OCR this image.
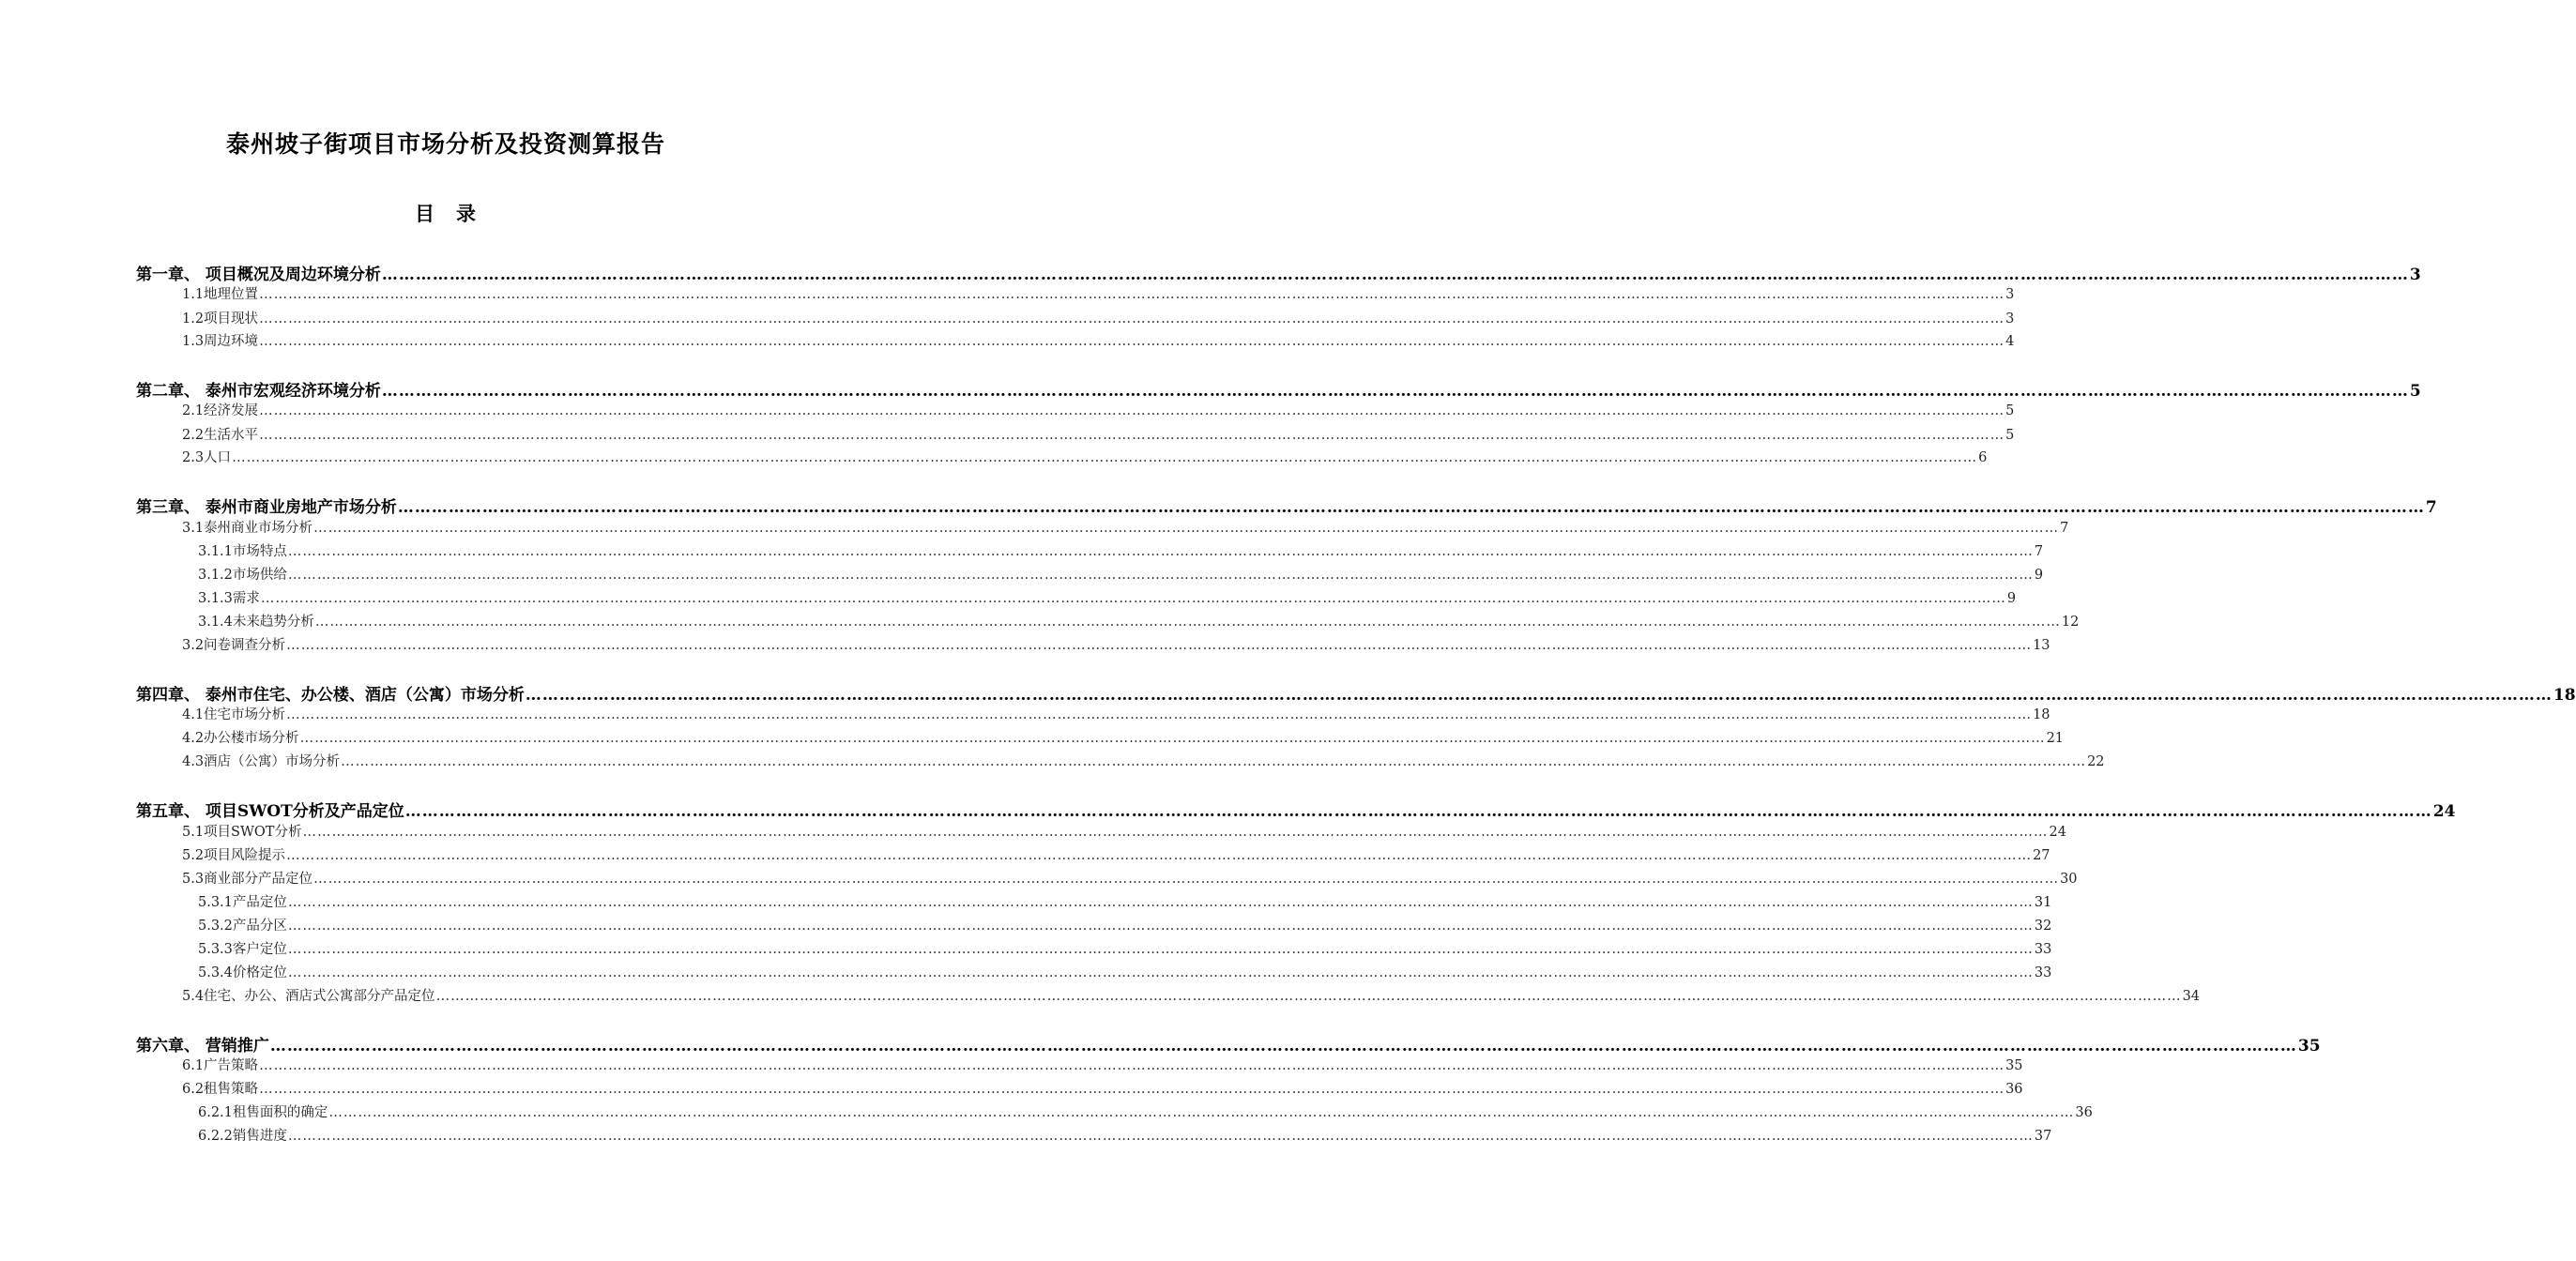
泰州坡子街项目市场分析及投资测算报告
目 录
第一章、 项目概况及周边环境分析 ……………………………………………………………………………………………………………………………………………………………………………………………………………………………………………………………………………………………………………………………… 3
1.1地理位置 ……………………………………………………………………………………………………………………………………………………………………………………………………………………………………………………………………………………………………………………………… 3
1.2项目现状 ……………………………………………………………………………………………………………………………………………………………………………………………………………………………………………………………………………………………………………………………… 3
1.3周边环境 ……………………………………………………………………………………………………………………………………………………………………………………………………………………………………………………………………………………………………………………………… 4
第二章、 泰州市宏观经济环境分析 ……………………………………………………………………………………………………………………………………………………………………………………………………………………………………………………………………………………………………………………………… 5
2.1经济发展 ……………………………………………………………………………………………………………………………………………………………………………………………………………………………………………………………………………………………………………………………… 5
2.2生活水平 ……………………………………………………………………………………………………………………………………………………………………………………………………………………………………………………………………………………………………………………………… 5
2.3人口 ……………………………………………………………………………………………………………………………………………………………………………………………………………………………………………………………………………………………………………………………… 6
第三章、 泰州市商业房地产市场分析 ……………………………………………………………………………………………………………………………………………………………………………………………………………………………………………………………………………………………………………………………… 7
3.1泰州商业市场分析 ……………………………………………………………………………………………………………………………………………………………………………………………………………………………………………………………………………………………………………………………… 7
3.1.1市场特点 ……………………………………………………………………………………………………………………………………………………………………………………………………………………………………………………………………………………………………………………………… 7
3.1.2市场供给 ……………………………………………………………………………………………………………………………………………………………………………………………………………………………………………………………………………………………………………………………… 9
3.1.3需求 ……………………………………………………………………………………………………………………………………………………………………………………………………………………………………………………………………………………………………………………………… 9
3.1.4未来趋势分析 ……………………………………………………………………………………………………………………………………………………………………………………………………………………………………………………………………………………………………………………………… 12
3.2问卷调查分析 ……………………………………………………………………………………………………………………………………………………………………………………………………………………………………………………………………………………………………………………………… 13
第四章、 泰州市住宅、办公楼、酒店（公寓）市场分析 ……………………………………………………………………………………………………………………………………………………………………………………………………………………………………………………………………………………………………………………………… 18
4.1住宅市场分析 ……………………………………………………………………………………………………………………………………………………………………………………………………………………………………………………………………………………………………………………………… 18
4.2办公楼市场分析 ……………………………………………………………………………………………………………………………………………………………………………………………………………………………………………………………………………………………………………………………… 21
4.3酒店（公寓）市场分析 ……………………………………………………………………………………………………………………………………………………………………………………………………………………………………………………………………………………………………………………………… 22
第五章、 项目SWOT分析及产品定位 ……………………………………………………………………………………………………………………………………………………………………………………………………………………………………………………………………………………………………………………………… 24
5.1项目SWOT分析 ……………………………………………………………………………………………………………………………………………………………………………………………………………………………………………………………………………………………………………………………… 24
5.2项目风险提示 ……………………………………………………………………………………………………………………………………………………………………………………………………………………………………………………………………………………………………………………………… 27
5.3商业部分产品定位 ……………………………………………………………………………………………………………………………………………………………………………………………………………………………………………………………………………………………………………………………… 30
5.3.1产品定位 ……………………………………………………………………………………………………………………………………………………………………………………………………………………………………………………………………………………………………………………………… 31
5.3.2产品分区 ……………………………………………………………………………………………………………………………………………………………………………………………………………………………………………………………………………………………………………………………… 32
5.3.3客户定位 ……………………………………………………………………………………………………………………………………………………………………………………………………………………………………………………………………………………………………………………………… 33
5.3.4价格定位 ……………………………………………………………………………………………………………………………………………………………………………………………………………………………………………………………………………………………………………………………… 33
5.4住宅、办公、酒店式公寓部分产品定位 ……………………………………………………………………………………………………………………………………………………………………………………………………………………………………………………………………………………………………………………………… 34
第六章、 营销推广 ……………………………………………………………………………………………………………………………………………………………………………………………………………………………………………………………………………………………………………………………… 35
6.1广告策略 ……………………………………………………………………………………………………………………………………………………………………………………………………………………………………………………………………………………………………………………………… 35
6.2租售策略 ……………………………………………………………………………………………………………………………………………………………………………………………………………………………………………………………………………………………………………………………… 36
6.2.1租售面积的确定 ……………………………………………………………………………………………………………………………………………………………………………………………………………………………………………………………………………………………………………………………… 36
6.2.2销售进度 ……………………………………………………………………………………………………………………………………………………………………………………………………………………………………………………………………………………………………………………………… 37
